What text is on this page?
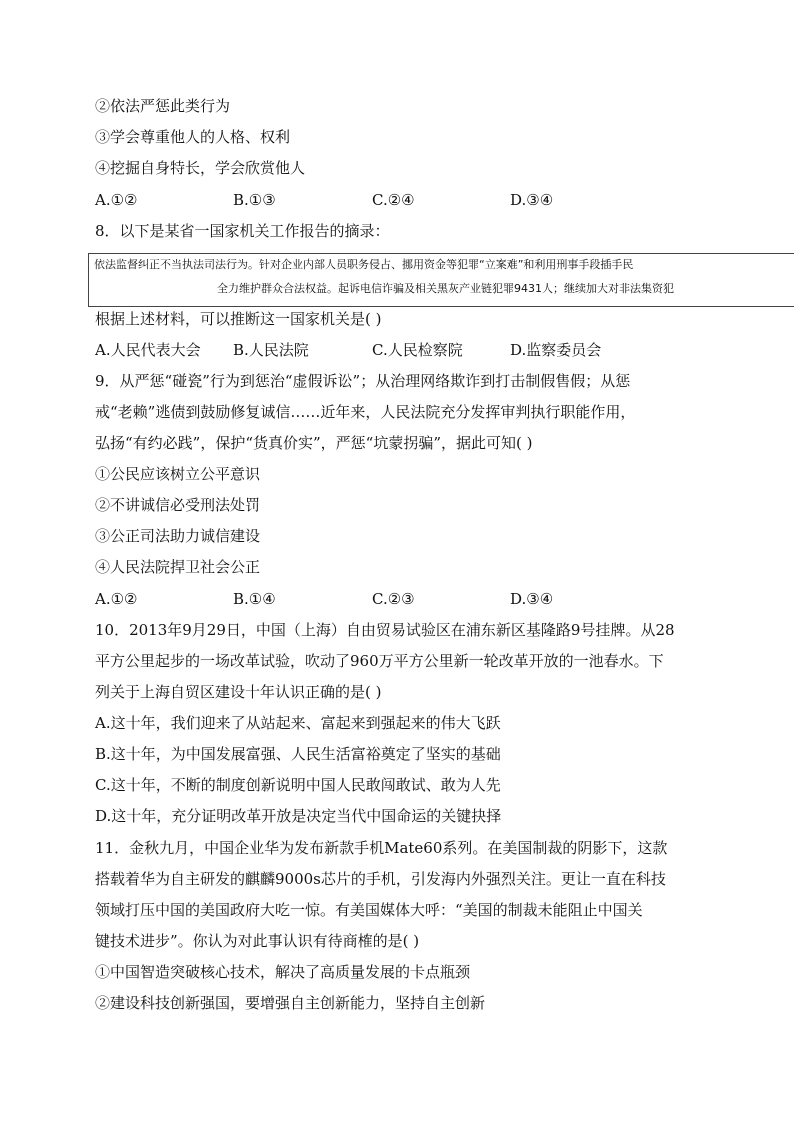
②依法严惩此类行为
③学会尊重他人的人格、权利
④挖掘自身特长，学会欣赏他人
A.①②	B.①③	C.②④	D.③④
8．以下是某省一国家机关工作报告的摘录：
依法监督纠正不当执法司法行为。针对企业内部人员职务侵占、挪用资金等犯罪“立案难”和利用刑事手段插手民
全力维护群众合法权益。起诉电信诈骗及相关黑灰产业链犯罪9431人；继续加大对非法集资犯
根据上述材料，可以推断这一国家机关是( )
A.人民代表大会 B.人民法院	C.人民检察院	D.监察委员会
9．从严惩“碰瓷”行为到惩治“虚假诉讼”；从治理网络欺诈到打击制假售假；从惩
戒“老赖”逃债到鼓励修复诚信……近年来，人民法院充分发挥审判执行职能作用，
弘扬“有约必践”，保护“货真价实”，严惩“坑蒙拐骗”，据此可知( )
①公民应该树立公平意识
②不讲诚信必受刑法处罚
③公正司法助力诚信建设
④人民法院捍卫社会公正
A.①②	B.①④	C.②③	D.③④
10．2013年9月29日，中国（上海）自由贸易试验区在浦东新区基隆路9号挂牌。从28
平方公里起步的一场改革试验，吹动了960万平方公里新一轮改革开放的一池春水。下
列关于上海自贸区建设十年认识正确的是( )
A.这十年，我们迎来了从站起来、富起来到强起来的伟大飞跃
B.这十年，为中国发展富强、人民生活富裕奠定了坚实的基础
C.这十年，不断的制度创新说明中国人民敢闯敢试、敢为人先
D.这十年，充分证明改革开放是决定当代中国命运的关键抉择
11．金秋九月，中国企业华为发布新款手机Mate60系列。在美国制裁的阴影下，这款
搭载着华为自主研发的麒麟9000s芯片的手机，引发海内外强烈关注。更让一直在科技
领域打压中国的美国政府大吃一惊。有美国媒体大呼：“美国的制裁未能阻止中国关
键技术进步”。你认为对此事认识有待商榷的是( )
①中国智造突破核心技术，解决了高质量发展的卡点瓶颈
②建设科技创新强国，要增强自主创新能力，坚持自主创新
